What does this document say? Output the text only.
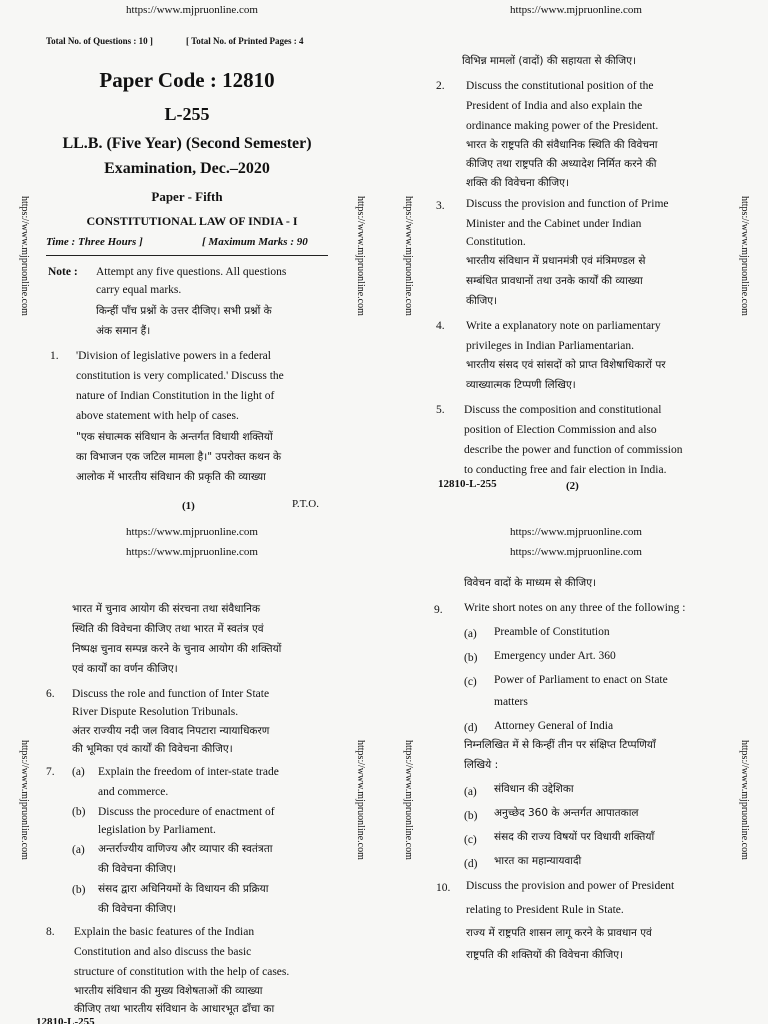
https://www.mjpruonline.com
https://www.mjpruonline.com	https://www.mjpruonline.com
Total No. of Questions : 10 ]	[ Total No. of Printed Pages : 4
Paper Code : 12810
L-255
LL.B. (Five Year) (Second Semester)
Examination, Dec.–2020
Paper - Fifth
CONSTITUTIONAL LAW OF INDIA - I
Time : Three Hours ]	[ Maximum Marks : 90
Note : Attempt any five questions. All questions
carry equal marks.
किन्हीं पाँच प्रश्नों के उत्तर दीजिए। सभी प्रश्नों के
अंक समान हैं।
1. 'Division of legislative powers in a federal
constitution is very complicated.' Discuss the
nature of Indian Constitution in the light of
above statement with help of cases.
"एक संघात्मक संविधान के अन्तर्गत विधायी शक्तियों
का विभाजन एक जटिल मामला है।" उपरोक्त कथन के
आलोक में भारतीय संविधान की प्रकृति की व्याख्या
(1)	P.T.O.
https://www.mjpruonline.com
https://www.mjpruonline.com	https://www.mjpruonline.com
विभिन्न मामलों (वादों) की सहायता से कीजिए।
2. Discuss the constitutional position of the
President of India and also explain the
ordinance making power of the President.
भारत के राष्ट्रपति की संवैधानिक स्थिति की विवेचना
कीजिए तथा राष्ट्रपति की अध्यादेश निर्मित करने की
शक्ति की विवेचना कीजिए।
3. Discuss the provision and function of Prime
Minister and the Cabinet under Indian
Constitution.
भारतीय संविधान में प्रधानमंत्री एवं मंत्रिमण्डल से
सम्बंधित प्रावधानों तथा उनके कार्यों की व्याख्या
कीजिए।
4. Write a explanatory note on parliamentary
privileges in Indian Parliamentarian.
भारतीय संसद एवं सांसदों को प्राप्त विशेषाधिकारों पर
व्याख्यात्मक टिप्पणी लिखिए।
5. Discuss the composition and constitutional
position of Election Commission and also
describe the power and function of commission
to conducting free and fair election in India.
12810-L-255	(2)
https://www.mjpruonline.com
https://www.mjpruonline.com
https://www.mjpruonline.com	https://www.mjpruonline.com
भारत में चुनाव आयोग की संरचना तथा संवैधानिक
स्थिति की विवेचना कीजिए तथा भारत में स्वतंत्र एवं
निष्पक्ष चुनाव सम्पन्न करने के चुनाव आयोग की शक्तियों
एवं कार्यों का वर्णन कीजिए।
6. Discuss the role and function of Inter State
River Dispute Resolution Tribunals.
अंतर राज्यीय नदी जल विवाद निपटारा न्यायाधिकरण
की भूमिका एवं कार्यों की विवेचना कीजिए।
7. (a) Explain the freedom of inter-state trade
and commerce.
(b) Discuss the procedure of enactment of
legislation by Parliament.
(a) अन्तर्राज्यीय वाणिज्य और व्यापार की स्वतंत्रता
की विवेचना कीजिए।
(b) संसद द्वारा अधिनियमों के विधायन की प्रक्रिया
की विवेचना कीजिए।
8. Explain the basic features of the Indian
Constitution and also discuss the basic
structure of constitution with the help of cases.
भारतीय संविधान की मुख्य विशेषताओं की व्याख्या
कीजिए तथा भारतीय संविधान के आधारभूत ढाँचा का
12810-L-255
https://www.mjpruonline.com
https://www.mjpruonline.com
https://www.mjpruonline.com	https://www.mjpruonline.com
विवेचन वादों के माध्यम से कीजिए।
9. Write short notes on any three of the following :
(a) Preamble of Constitution
(b) Emergency under Art. 360
(c) Power of Parliament to enact on State
matters
(d) Attorney General of India
निम्नलिखित में से किन्हीं तीन पर संक्षिप्त टिप्पणियाँ
लिखिये :
(a) संविधान की उद्देशिका
(b) अनुच्छेद 360 के अन्तर्गत आपातकाल
(c) संसद की राज्य विषयों पर विधायी शक्तियाँ
(d) भारत का महान्यायवादी
10. Discuss the provision and power of President
relating to President Rule in State.
राज्य में राष्ट्रपति शासन लागू करने के प्रावधान एवं
राष्ट्रपति की शक्तियों की विवेचना कीजिए।
